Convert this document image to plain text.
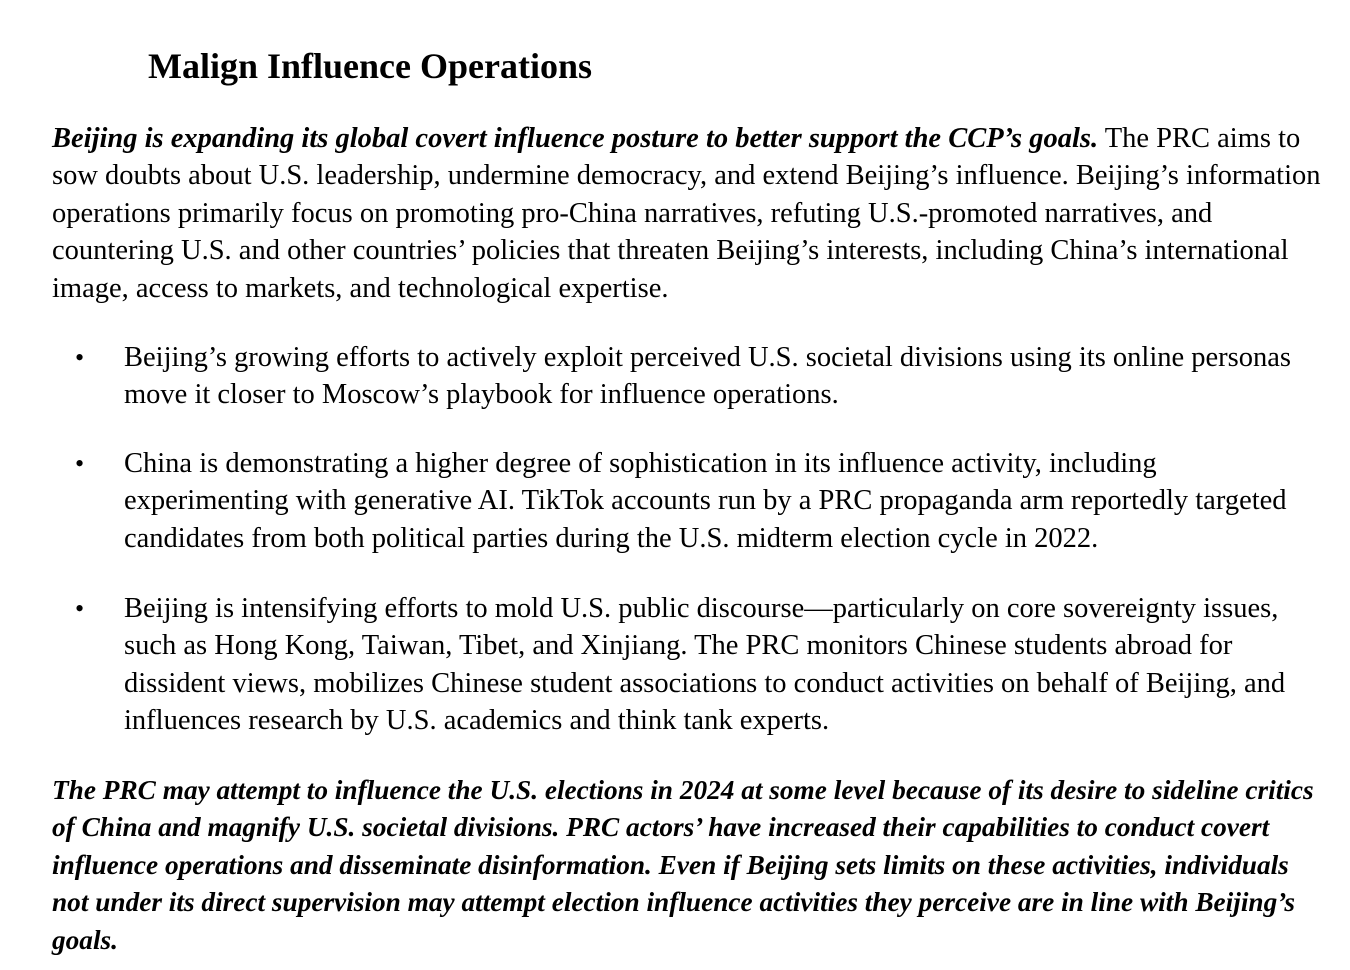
Malign Influence Operations

Beijing is expanding its global covert influence posture to better support the CCP’s goals. The PRC aims to sow doubts about U.S. leadership, undermine democracy, and extend Beijing’s influence. Beijing’s information operations primarily focus on promoting pro-China narratives, refuting U.S.-promoted narratives, and countering U.S. and other countries’ policies that threaten Beijing’s interests, including China’s international image, access to markets, and technological expertise.

• Beijing’s growing efforts to actively exploit perceived U.S. societal divisions using its online personas move it closer to Moscow’s playbook for influence operations.
• China is demonstrating a higher degree of sophistication in its influence activity, including experimenting with generative AI. TikTok accounts run by a PRC propaganda arm reportedly targeted candidates from both political parties during the U.S. midterm election cycle in 2022.
• Beijing is intensifying efforts to mold U.S. public discourse—particularly on core sovereignty issues, such as Hong Kong, Taiwan, Tibet, and Xinjiang. The PRC monitors Chinese students abroad for dissident views, mobilizes Chinese student associations to conduct activities on behalf of Beijing, and influences research by U.S. academics and think tank experts.

The PRC may attempt to influence the U.S. elections in 2024 at some level because of its desire to sideline critics of China and magnify U.S. societal divisions. PRC actors’ have increased their capabilities to conduct covert influence operations and disseminate disinformation. Even if Beijing sets limits on these activities, individuals not under its direct supervision may attempt election influence activities they perceive are in line with Beijing’s goals.
